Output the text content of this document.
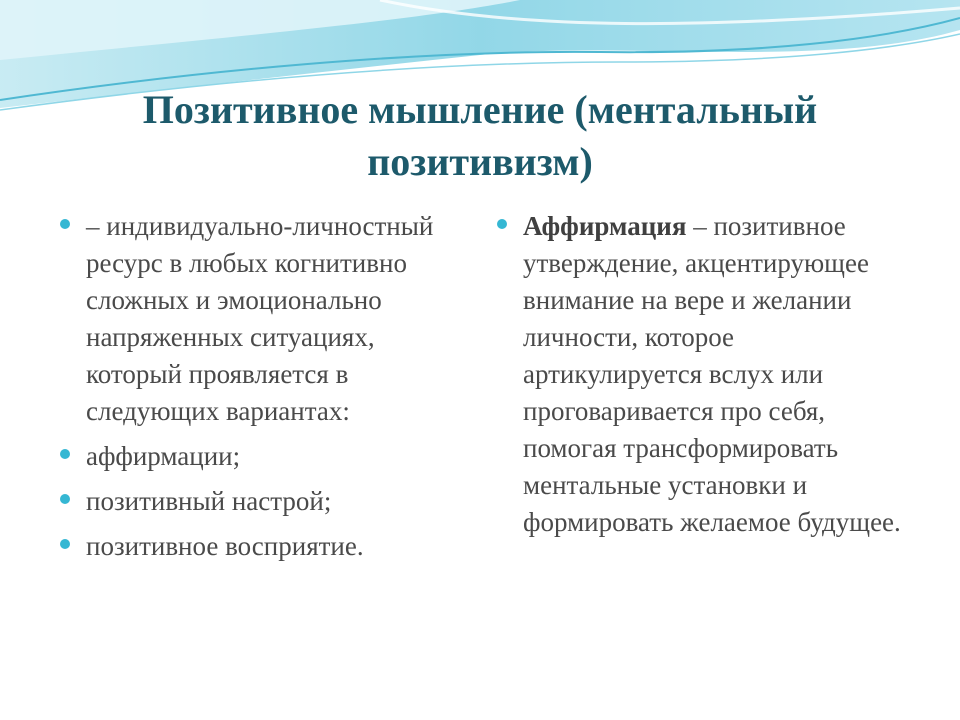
Позитивное мышление (ментальный позитивизм)
– индивидуально-личностный ресурс в любых когнитивно сложных и эмоционально напряженных ситуациях, который проявляется в следующих вариантах:
аффирмации;
позитивный настрой;
позитивное восприятие.
Аффирмация – позитивное утверждение, акцентирующее внимание на вере и желании личности, которое артикулируется вслух или проговаривается про себя, помогая трансформировать ментальные установки и формировать желаемое будущее.
